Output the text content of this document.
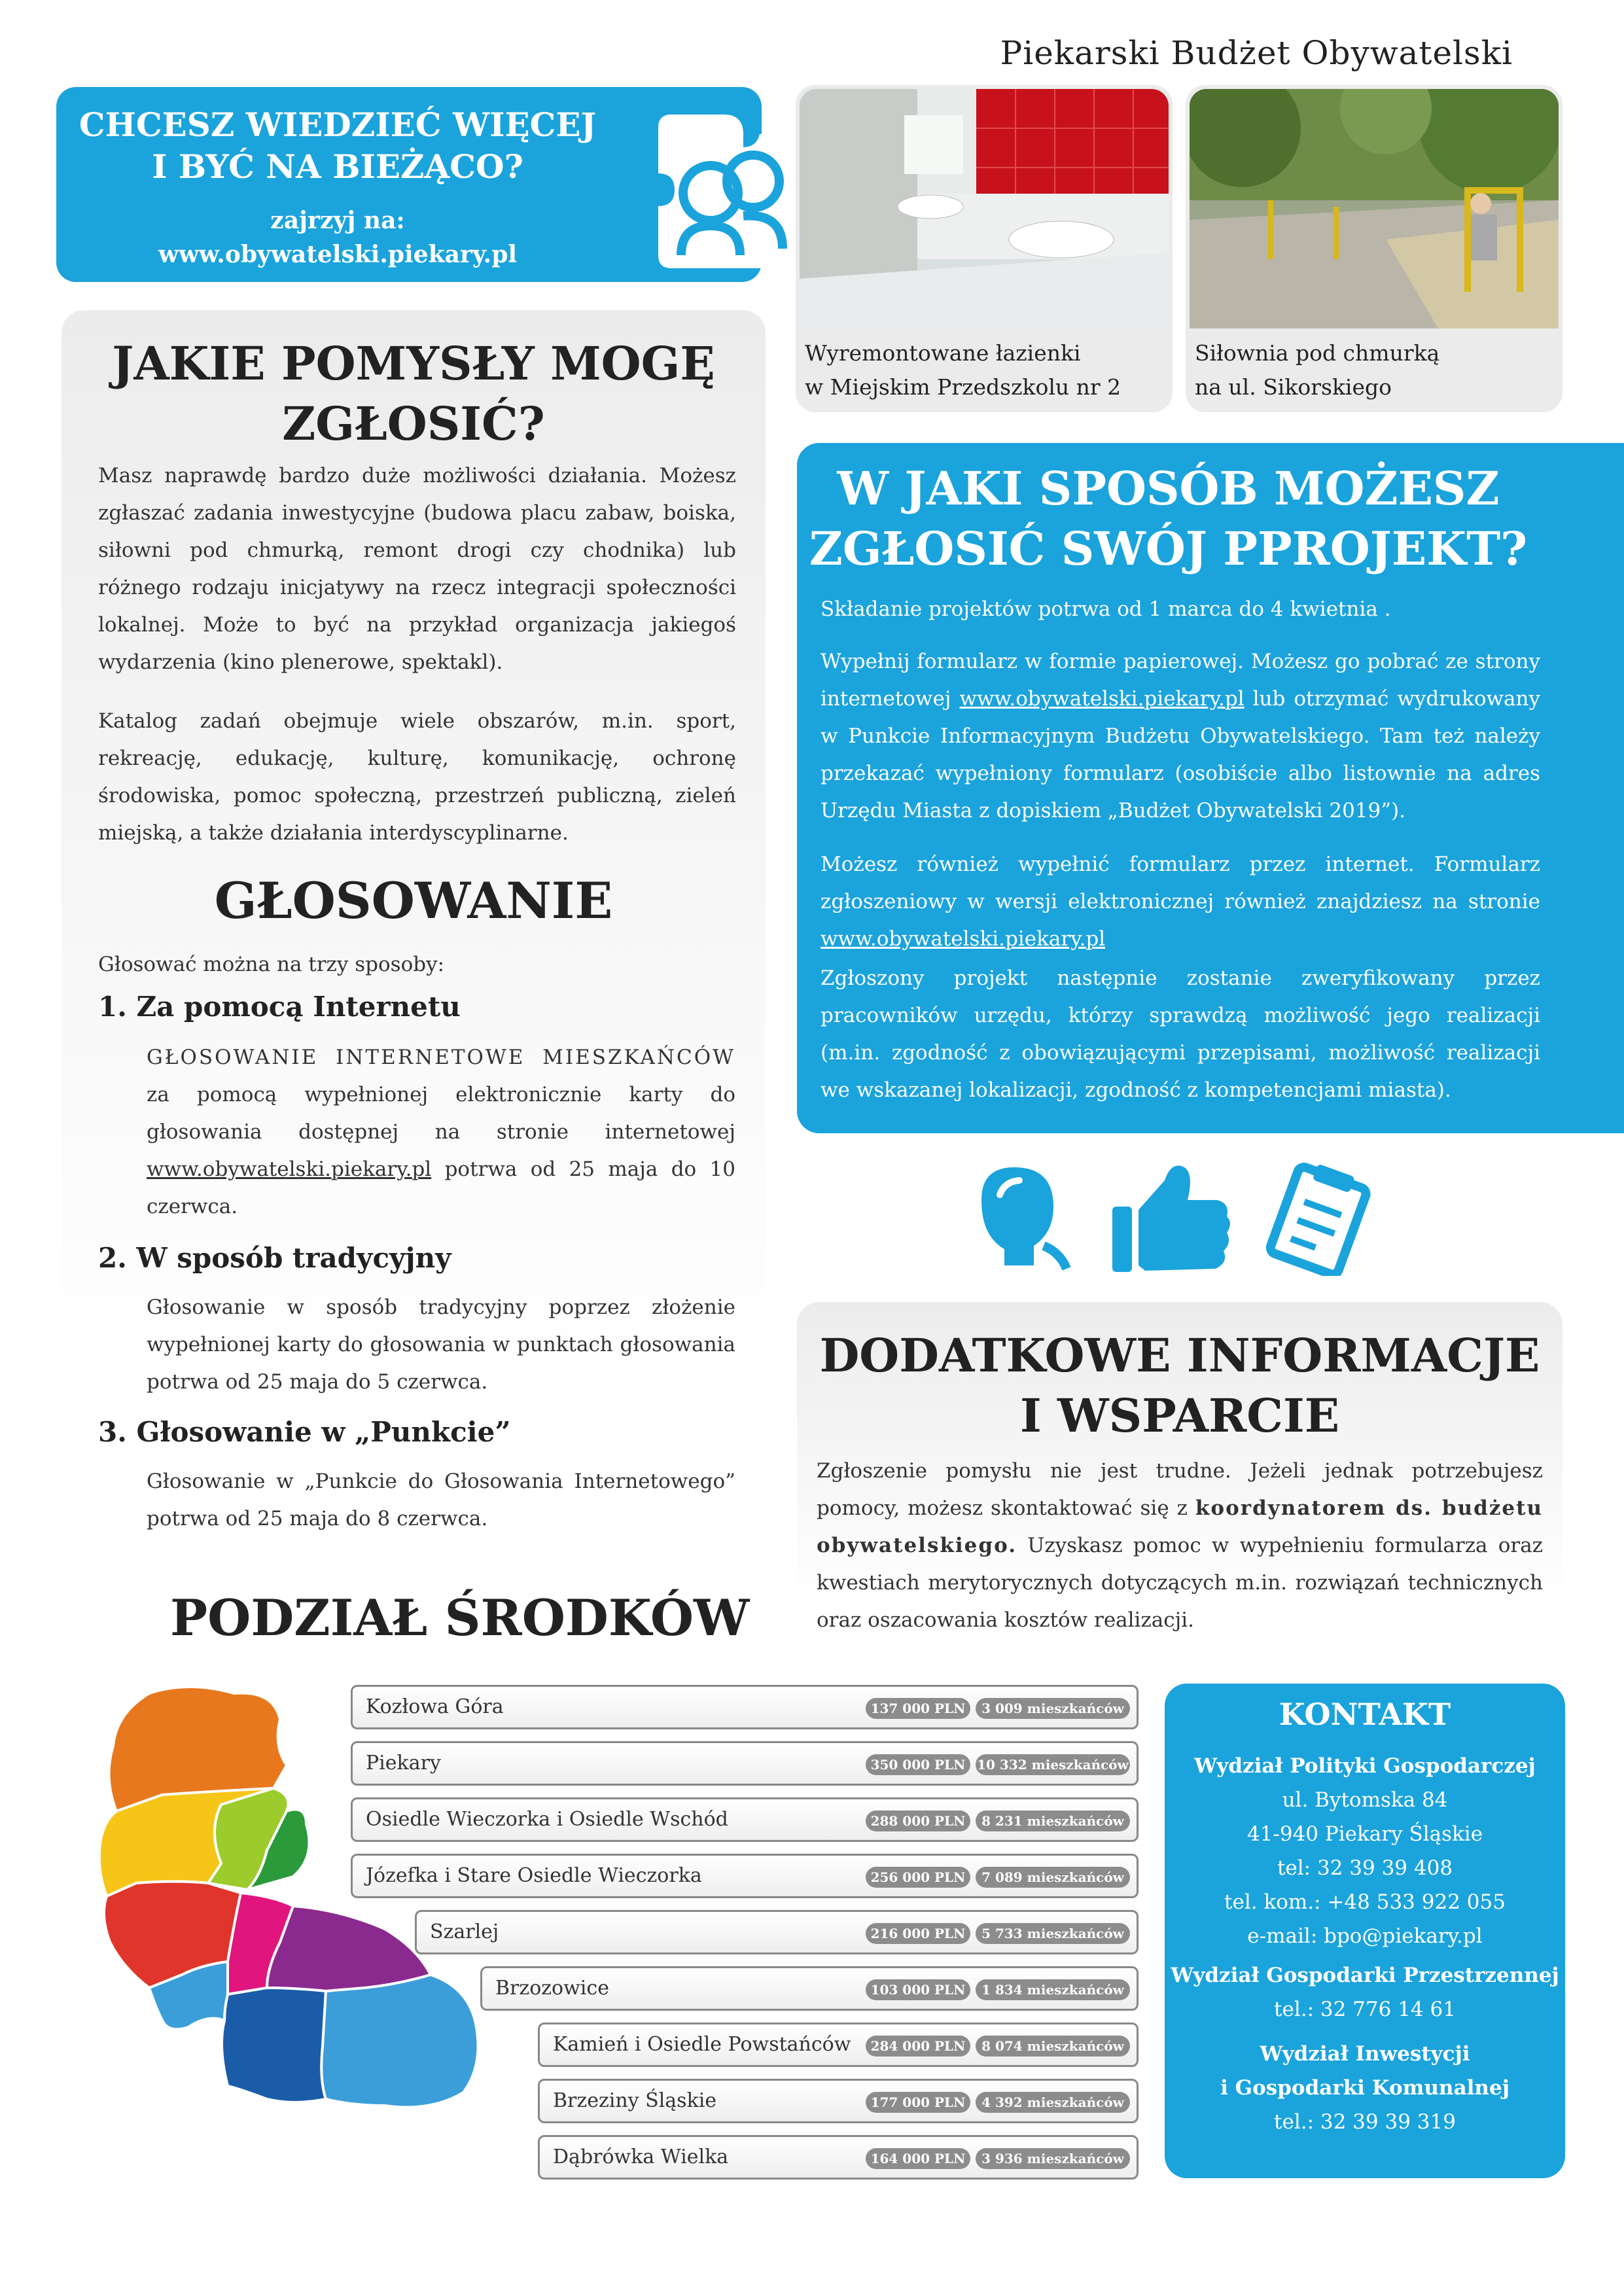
Piekarski Budżet Obywatelski
CHCESZ WIEDZIEĆ WIĘCEJ
I BYĆ NA BIEŻĄCO?
zajrzyj na:
www.obywatelski.piekary.pl
Wyremontowane łazienki
w Miejskim Przedszkolu nr 2
Siłownia pod chmurką
na ul. Sikorskiego
JAKIE POMYSŁY MOGĘ
ZGŁOSIĆ?

Masz naprawdę bardzo duże możliwości działania. Możesz zgłaszać zadania inwestycyjne (budowa placu zabaw, boiska, siłowni pod chmurką, remont drogi czy chodnika) lub różnego rodzaju inicjatywy na rzecz integracji społeczności lokalnej. Może to być na przykład organizacja jakiegoś wydarzenia (kino plenerowe, spektakl).

Katalog zadań obejmuje wiele obszarów, m.in. sport, rekreację, edukację, kulturę, komunikację, ochronę środowiska, pomoc społeczną, przestrzeń publiczną, zieleń miejską, a także działania interdyscyplinarne.

GŁOSOWANIE

Głosować można na trzy sposoby:

1. Za pomocą Internetu

GŁOSOWANIE INTERNETOWE MIESZKAŃCÓW za pomocą wypełnionej elektronicznie karty do głosowania dostępnej na stronie internetowej www.obywatelski.piekary.pl potrwa od 25 maja do 10 czerwca.

2. W sposób tradycyjny

Głosowanie w sposób tradycyjny poprzez złożenie wypełnionej karty do głosowania w punktach głosowania potrwa od 25 maja do 5 czerwca.

3. Głosowanie w „Punkcie”

Głosowanie w „Punkcie do Głosowania Internetowego” potrwa od 25 maja do 8 czerwca.

W JAKI SPOSÓB MOŻESZ
ZGŁOSIĆ SWÓJ PPROJEKT?

Składanie projektów potrwa od 1 marca do 4 kwietnia .

Wypełnij formularz w formie papierowej. Możesz go pobrać ze strony internetowej www.obywatelski.piekary.pl lub otrzymać wydrukowany w Punkcie Informacyjnym Budżetu Obywatelskiego. Tam też należy przekazać wypełniony formularz (osobiście albo listownie na adres Urzędu Miasta z dopiskiem „Budżet Obywatelski 2019”).

Możesz również wypełnić formularz przez internet. Formularz zgłoszeniowy w wersji elektronicznej również znajdziesz na stronie www.obywatelski.piekary.pl

Zgłoszony projekt następnie zostanie zweryfikowany przez pracowników urzędu, którzy sprawdzą możliwość jego realizacji (m.in. zgodność z obowiązującymi przepisami, możliwość realizacji we wskazanej lokalizacji, zgodność z kompetencjami miasta).

DODATKOWE INFORMACJE
I WSPARCIE

Zgłoszenie pomysłu nie jest trudne. Jeżeli jednak potrzebujesz pomocy, możesz skontaktować się z koordynatorem ds. budżetu obywatelskiego. Uzyskasz pomoc w wypełnieniu formularza oraz kwestiach merytorycznych dotyczących m.in. rozwiązań technicznych oraz oszacowania kosztów realizacji.

PODZIAŁ ŚRODKÓW
Kozłowa Góra	137 000 PLN	3 009 mieszkańców
Piekary	350 000 PLN 10 332 mieszkańców
Osiedle Wieczorka i Osiedle Wschód	288 000 PLN	8 231 mieszkańców
Józefka i Stare Osiedle Wieczorka	256 000 PLN	7 089 mieszkańców
Szarlej	216 000 PLN	5 733 mieszkańców
Brzozowice	103 000 PLN	1 834 mieszkańców
Kamień i Osiedle Powstańców	284 000 PLN	8 074 mieszkańców
Brzeziny Śląskie	177 000 PLN	4 392 mieszkańców
Dąbrówka Wielka	164 000 PLN	3 936 mieszkańców
KONTAKT
Wydział Polityki Gospodarczej
ul. Bytomska 84
41-940 Piekary Śląskie
tel: 32 39 39 408
tel. kom.: +48 533 922 055
e-mail: bpo@piekary.pl
Wydział Gospodarki Przestrzennej
tel.: 32 776 14 61
Wydział Inwestycji
i Gospodarki Komunalnej
tel.: 32 39 39 319
